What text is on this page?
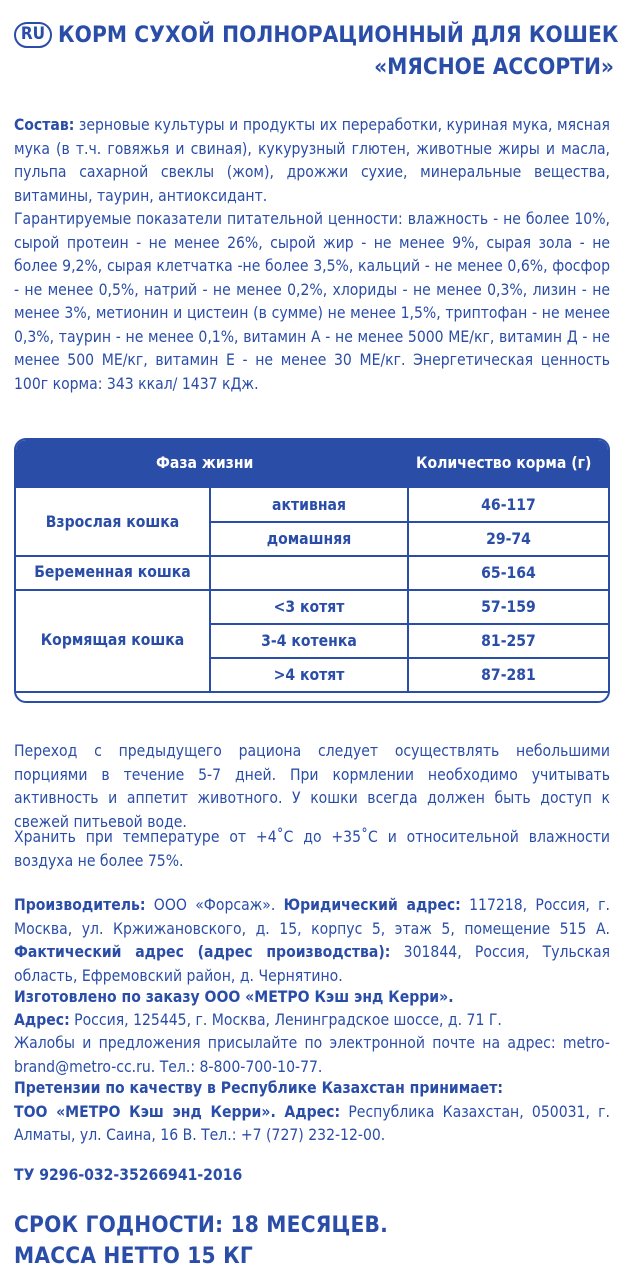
RU КОРМ СУХОЙ ПОЛНОРАЦИОННЫЙ ДЛЯ КОШЕК
«МЯСНОЕ АССОРТИ»

Состав: зерновые культуры и продукты их переработки, куриная мука, мясная мука (в т.ч. говяжья и свиная), кукурузный глютен, животные жиры и масла, пульпа сахарной свеклы (жом), дрожжи сухие, минеральные вещества, витамины, таурин, антиоксидант.

Гарантируемые показатели питательной ценности: влажность - не более 10%, сырой протеин - не менее 26%, сырой жир - не менее 9%, сырая зола - не более 9,2%, сырая клетчатка -не более 3,5%, кальций - не менее 0,6%, фосфор - не менее 0,5%, натрий - не менее 0,2%, хлориды - не менее 0,3%, лизин - не менее 3%, метионин и цистеин (в сумме) не менее 1,5%, триптофан - не менее 0,3%, таурин - не менее 0,1%, витамин А - не менее 5000 МЕ/кг, витамин Д - не менее 500 МЕ/кг, витамин Е - не менее 30 МЕ/кг. Энергетическая ценность 100г корма: 343 ккал/ 1437 кДж.

Фаза жизни	Количество корма (г)
Взрослая кошка
Беременная кошка
Кормящая кошка
активная
домашняя
<3 котят
3-4 котенка
>4 котят
46-117
29-74
65-164
57-159
81-257
87-281

Переход с предыдущего рациона следует осуществлять небольшими порциями в течение 5-7 дней. При кормлении необходимо учитывать активность и аппетит животного. У кошки всегда должен быть доступ к свежей питьевой воде.

Хранить при температуре от +4˚С до +35˚С и относительной влажности воздуха не более 75%.

Производитель: ООО «Форсаж». Юридический адрес: 117218, Россия, г. Москва, ул. Кржижановского, д. 15, корпус 5, этаж 5, помещение 515 А. Фактический адрес (адрес производства): 301844, Россия, Тульская область, Ефремовский район, д. Чернятино.

Изготовлено по заказу ООО «МЕТРО Кэш энд Керри».

Адрес: Россия, 125445, г. Москва, Ленинградское шоссе, д. 71 Г.

Жалобы и предложения присылайте по электронной почте на адрес: metro-brand@metro-cc.ru. Тел.: 8-800-700-10-77.

Претензии по качеству в Республике Казахстан принимает:
ТОО «МЕТРО Кэш энд Керри». Адрес: Республика Казахстан, 050031, г. Алматы, ул. Саина, 16 В. Тел.: +7 (727) 232-12-00.

ТУ 9296-032-35266941-2016
СРОК ГОДНОСТИ: 18 МЕСЯЦЕВ.
МАССА НЕТТО 15 КГ
